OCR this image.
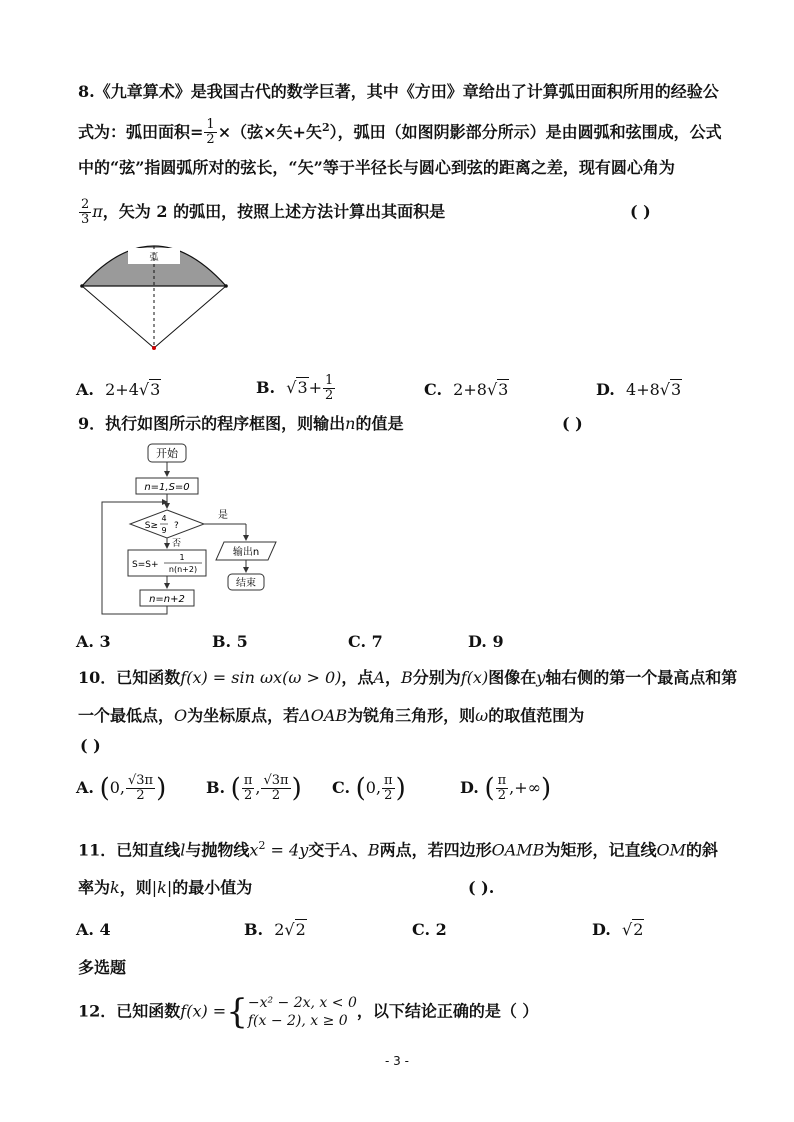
8.《九章算术》是我国古代的数学巨著，其中《方田》章给出了计算弧田面积所用的经验公
式为：弧田面积= $\frac{1}{2}$ ×（弦×矢+矢$^2$），弧田（如图阴影部分所示）是由圆弧和弦围成，公式
中的“弦”指圆弧所对的弦长，“矢”等于半径长与圆心到弦的距离之差，现有圆心角为
$\frac{2}{3}$ π，矢为 2 的弧田，按照上述方法计算出其面积是	( )
弧
A. 2+4√3	B. $√3+ \frac{1}{2}$	C. 2+8√3	D. 4+8√3
9．执行如图所示的程序框图，则输出n的值是	( )
开始
n=1,S=0
S≥
4
9 ?
是
输出n
结束
否
S=S+
1
n(n+2)
n=n+2
A. 3	B. 5	C. 7	D. 9
10．已知函数f(x) = sin ωx(ω > 0)，点A，B分别为f(x)图像在y轴右侧的第一个最高点和第
一个最低点，O为坐标原点，若ΔOAB为锐角三角形，则ω的取值范围为
( )
A. (0, $\frac{√3\pi}{2}$ ) B. ( $\frac{\pi}{2}$ , $\frac{√3\pi}{2}$ ) C. (0, $\frac{\pi}{2}$ )	D. ( $\frac{\pi}{2}$ ,+∞)
11．已知直线l与抛物线$x^2 = 4y$交于A、B两点，若四边形OAMB为矩形，记直线OM的斜
率为k，则|k|的最小值为	( ).
A. 4	B. 2√2	C. 2	D. √2
多选题
12．已知函数f(x) ={ −x² − 2x, x < 0
f(x − 2), x ≥ 0
，以下结论正确的是（ ）
- 3 -
